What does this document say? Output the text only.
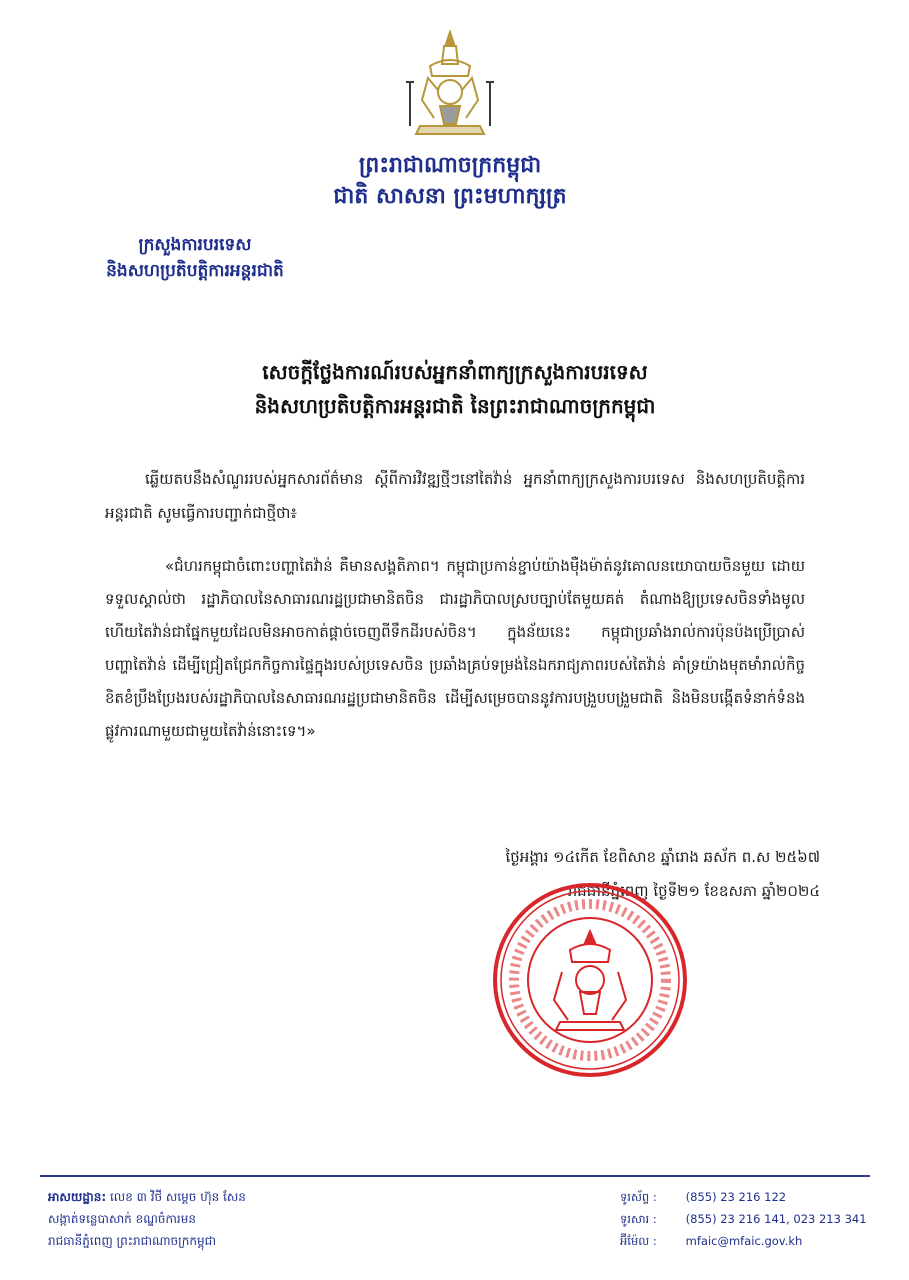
ព្រះរាជាណាចក្រកម្ពុជា
ជាតិ សាសនា ព្រះមហាក្សត្រ
ក្រសួងការបរទេស
និងសហប្រតិបត្តិការអន្តរជាតិ
សេចក្តីថ្លែងការណ៍របស់អ្នកនាំពាក្យក្រសួងការបរទេស
និងសហប្រតិបត្តិការអន្តរជាតិ នៃព្រះរាជាណាចក្រកម្ពុជា
ឆ្លើយតបនឹងសំណួររបស់អ្នកសារព័ត៌មាន ស្តីពីការវិវឌ្ឍថ្មីៗនៅតៃវ៉ាន់ អ្នកនាំពាក្យក្រសួងការបរទេស និងសហប្រតិបត្តិការអន្តរជាតិ សូមធ្វើការបញ្ជាក់ជាថ្មីថា៖
«ជំហរកម្ពុជាចំពោះបញ្ហាតៃវ៉ាន់ គឺមានសង្គតិភាព។ កម្ពុជាប្រកាន់ខ្ជាប់យ៉ាងម៉ឺងម៉ាត់នូវគោលនយោបាយចិនមួយ ដោយទទួលស្គាល់ថា រដ្ឋាភិបាលនៃសាធារណរដ្ឋប្រជាមានិតចិន ជារដ្ឋាភិបាលស្របច្បាប់តែមួយគត់ តំណាងឱ្យប្រទេសចិនទាំងមូល ហើយតៃវ៉ាន់ជាផ្នែកមួយដែលមិនអាចកាត់ផ្តាច់ចេញពីទឹកដីរបស់ចិន។ ក្នុងន័យនេះ កម្ពុជាប្រឆាំងរាល់ការប៉ុនប៉ងប្រើប្រាស់បញ្ហាតៃវ៉ាន់ ដើម្បីជ្រៀតជ្រែកកិច្ចការផ្ទៃក្នុងរបស់ប្រទេសចិន ប្រឆាំងគ្រប់ទម្រង់នៃឯករាជ្យភាពរបស់តៃវ៉ាន់ គាំទ្រយ៉ាងមុតមាំរាល់កិច្ចខិតខំប្រឹងប្រែងរបស់រដ្ឋាភិបាលនៃសាធារណរដ្ឋប្រជាមានិតចិន ដើម្បីសម្រេចបាននូវការបង្រួបបង្រួមជាតិ និងមិនបង្កើតទំនាក់ទំនងផ្លូវការណាមួយជាមួយតៃវ៉ាន់នោះទេ។»
ថ្ងៃអង្គារ ១៤កើត ខែពិសាខ ឆ្នាំរោង ឆស័ក ព.ស ២៥៦៧
រាជធានីភ្នំពេញ ថ្ងៃទី២១ ខែឧសភា ឆ្នាំ២០២៤
អាសយដ្ឋាន: លេខ ៣ វិថី សម្តេច ហ៊ុន សែន
សង្កាត់ទន្លេបាសាក់ ខណ្ឌចំការមន
រាជធានីភ្នំពេញ ព្រះរាជាណាចក្រកម្ពុជា
ទូរស័ព្ទ :	(855) 23 216 122
ទូរសារ :	(855) 23 216 141, 023 213 341
អ៊ីម៉ែល :	mfaic@mfaic.gov.kh
